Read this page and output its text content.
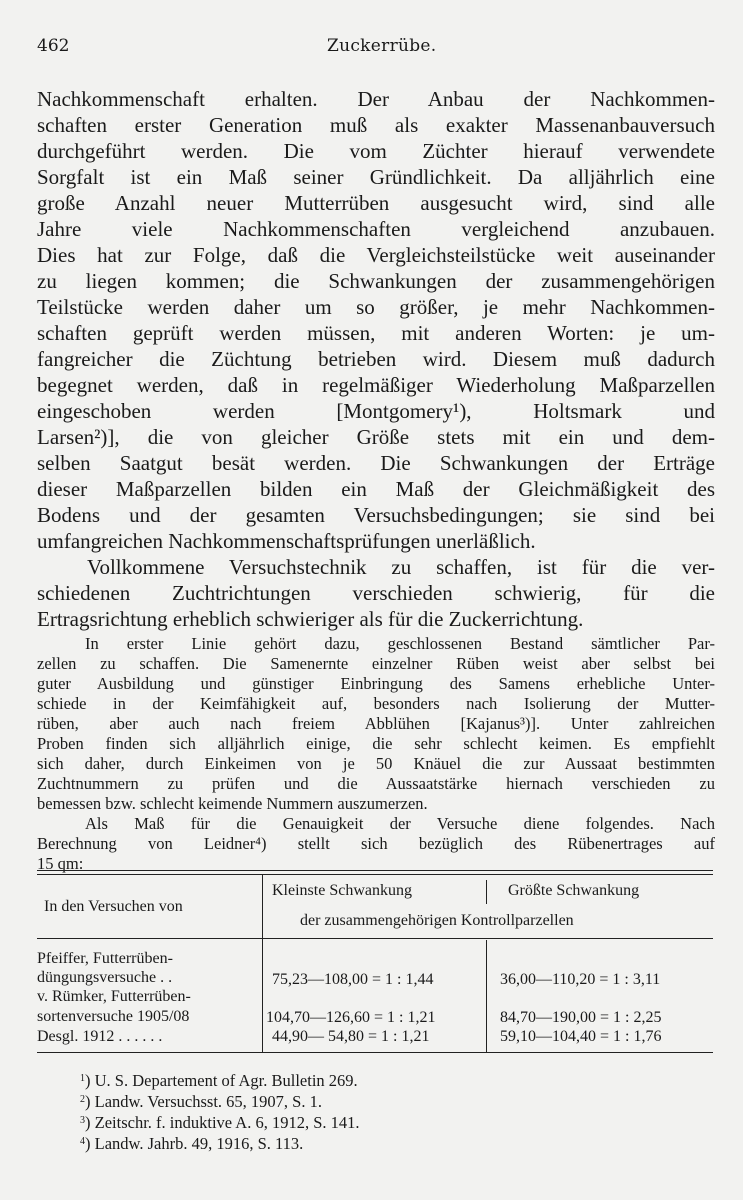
462	Zuckerrübe.
Nachkommenschaft erhalten. Der Anbau der Nachkommen-
schaften erster Generation muß als exakter Massenanbauversuch
durchgeführt werden. Die vom Züchter hierauf verwendete
Sorgfalt ist ein Maß seiner Gründlichkeit. Da alljährlich eine
große Anzahl neuer Mutterrüben ausgesucht wird, sind alle
Jahre viele Nachkommenschaften vergleichend anzubauen.
Dies hat zur Folge, daß die Vergleichsteilstücke weit auseinander
zu liegen kommen; die Schwankungen der zusammengehörigen
Teilstücke werden daher um so größer, je mehr Nachkommen-
schaften geprüft werden müssen, mit anderen Worten: je um-
fangreicher die Züchtung betrieben wird. Diesem muß dadurch
begegnet werden, daß in regelmäßiger Wiederholung Maßparzellen
eingeschoben werden [Montgomery¹), Holtsmark und
Larsen²)], die von gleicher Größe stets mit ein und dem-
selben Saatgut besät werden. Die Schwankungen der Erträge
dieser Maßparzellen bilden ein Maß der Gleichmäßigkeit des
Bodens und der gesamten Versuchsbedingungen; sie sind bei
umfangreichen Nachkommenschaftsprüfungen unerläßlich.
Vollkommene Versuchstechnik zu schaffen, ist für die ver-
schiedenen Zuchtrichtungen verschieden schwierig, für die
Ertragsrichtung erheblich schwieriger als für die Zuckerrichtung.
In erster Linie gehört dazu, geschlossenen Bestand sämtlicher Par-
zellen zu schaffen. Die Samenernte einzelner Rüben weist aber selbst bei
guter Ausbildung und günstiger Einbringung des Samens erhebliche Unter-
schiede in der Keimfähigkeit auf, besonders nach Isolierung der Mutter-
rüben, aber auch nach freiem Abblühen [Kajanus³)]. Unter zahlreichen
Proben finden sich alljährlich einige, die sehr schlecht keimen. Es empfiehlt
sich daher, durch Einkeimen von je 50 Knäuel die zur Aussaat bestimmten
Zuchtnummern zu prüfen und die Aussaatstärke hiernach verschieden zu
bemessen bzw. schlecht keimende Nummern auszumerzen.
Als Maß für die Genauigkeit der Versuche diene folgendes. Nach
Berechnung von Leidner⁴) stellt sich bezüglich des Rübenertrages auf
15 qm:
In den Versuchen von
Kleinste Schwankung	Größte Schwankung
der zusammengehörigen Kontrollparzellen
Pfeiffer, Futterrüben-
düngungsversuche . .	75,23—108,00 = 1 : 1,44	36,00—110,20 = 1 : 3,11
v. Rümker, Futterrüben-
sortenversuche 1905/08	104,70—126,60 = 1 : 1,21	84,70—190,00 = 1 : 2,25
Desgl. 1912 . . . . . .	44,90— 54,80 = 1 : 1,21	59,10—104,40 = 1 : 1,76
$^1$) U. S. Departement of Agr. Bulletin 269.
$^2$) Landw. Versuchsst. 65, 1907, S. 1.
$^3$) Zeitschr. f. induktive A. 6, 1912, S. 141.
$^4$) Landw. Jahrb. 49, 1916, S. 113.
